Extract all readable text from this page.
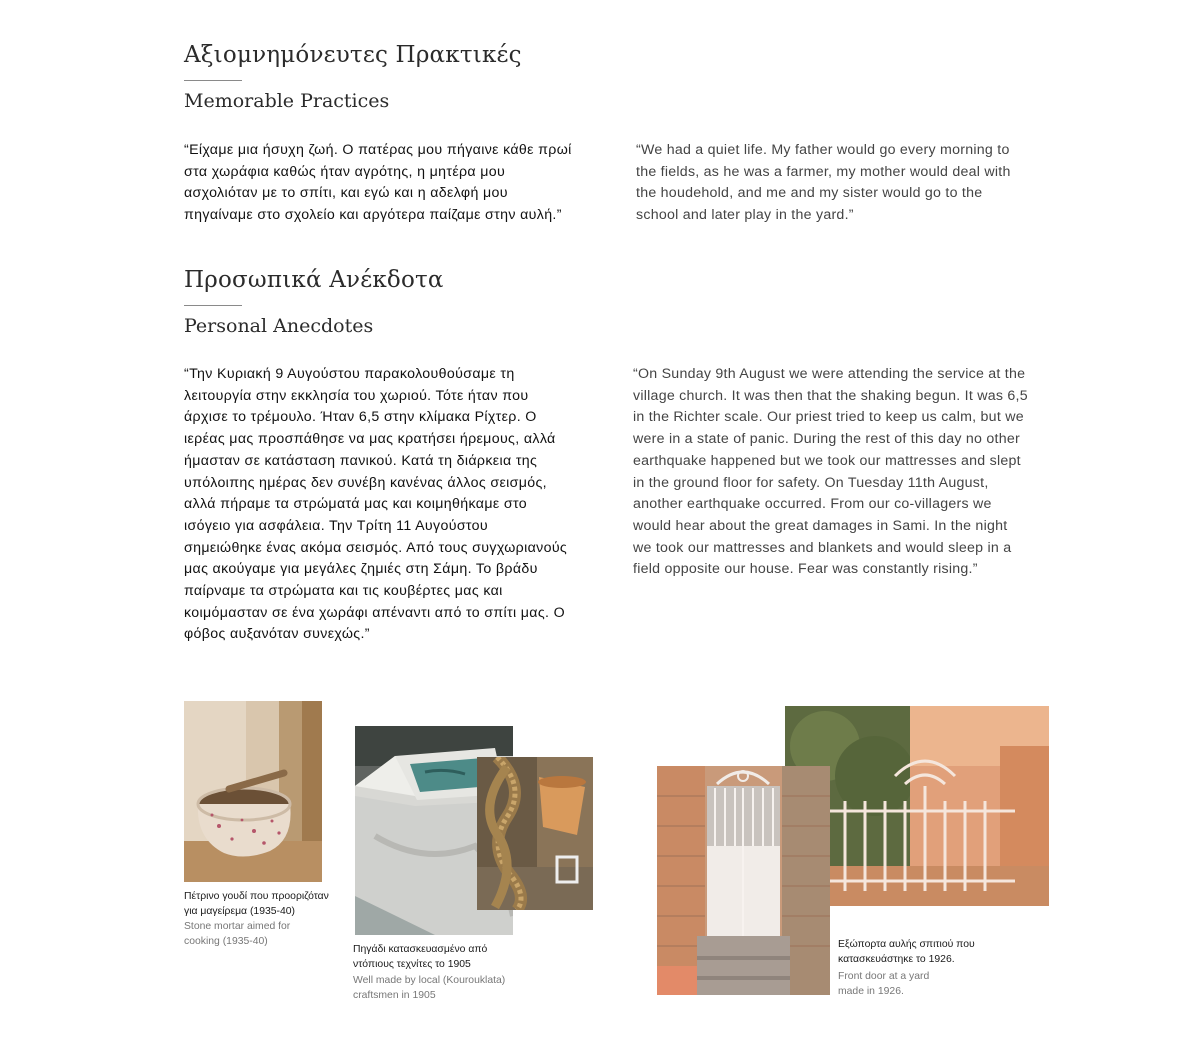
Αξιομνημόνευτες Πρακτικές
Memorable Practices
“Είχαμε μια ήσυχη ζωή. Ο πατέρας μου πήγαινε κάθε πρωί
στα χωράφια καθώς ήταν αγρότης, η μητέρα μου
ασχολιόταν με το σπίτι, και εγώ και η αδελφή μου
πηγαίναμε στο σχολείο και αργότερα παίζαμε στην αυλή.”
“We had a quiet life. My father would go every morning to
the fields, as he was a farmer, my mother would deal with
the houdehold, and me and my sister would go to the
school and later play in the yard.”
Προσωπικά Ανέκδοτα
Personal Anecdotes
“Την Κυριακή 9 Αυγούστου παρακολουθούσαμε τη
λειτουργία στην εκκλησία του χωριού. Τότε ήταν που
άρχισε το τρέμουλο. Ήταν 6,5 στην κλίμακα Ρίχτερ. Ο
ιερέας μας προσπάθησε να μας κρατήσει ήρεμους, αλλά
ήμασταν σε κατάσταση πανικού. Κατά τη διάρκεια της
υπόλοιπης ημέρας δεν συνέβη κανένας άλλος σεισμός,
αλλά πήραμε τα στρώματά μας και κοιμηθήκαμε στο
ισόγειο για ασφάλεια. Την Τρίτη 11 Αυγούστου
σημειώθηκε ένας ακόμα σεισμός. Από τους συγχωριανούς
μας ακούγαμε για μεγάλες ζημιές στη Σάμη. Το βράδυ
παίρναμε τα στρώματα και τις κουβέρτες μας και
κοιμόμασταν σε ένα χωράφι απέναντι από το σπίτι μας. Ο
φόβος αυξανόταν συνεχώς.”
“On Sunday 9th August we were attending the service at the
village church. It was then that the shaking begun. It was 6,5
in the Richter scale. Our priest tried to keep us calm, but we
were in a state of panic. During the rest of this day no other
earthquake happened but we took our mattresses and slept
in the ground floor for safety. On Tuesday 11th August,
another earthquake occurred. From our co-villagers we
would hear about the great damages in Sami. In the night
we took our mattresses and blankets and would sleep in a
field opposite our house. Fear was constantly rising.”
Πέτρινο γουδί που προοριζόταν
για μαγείρεμα (1935-40)
Stone mortar aimed for
cooking (1935-40)
Πηγάδι κατασκευασμένο από
ντόπιους τεχνίτες το 1905
Well made by local (Kourouklata)
craftsmen in 1905
Εξώπορτα αυλής σπιτιού που
κατασκευάστηκε το 1926.
Front door at a yard
made in 1926.
